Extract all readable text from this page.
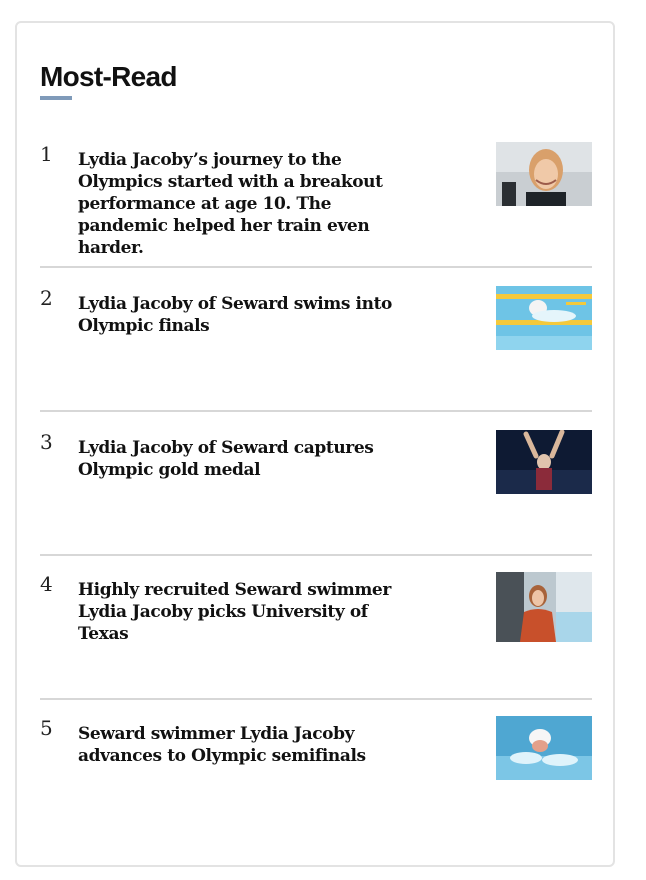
Most-Read
1 Lydia Jacoby’s journey to the Olympics started with a breakout performance at age 10. The pandemic helped her train even harder.
2 Lydia Jacoby of Seward swims into Olympic finals
3 Lydia Jacoby of Seward captures Olympic gold medal
4 Highly recruited Seward swimmer Lydia Jacoby picks University of Texas
5 Seward swimmer Lydia Jacoby advances to Olympic semifinals
